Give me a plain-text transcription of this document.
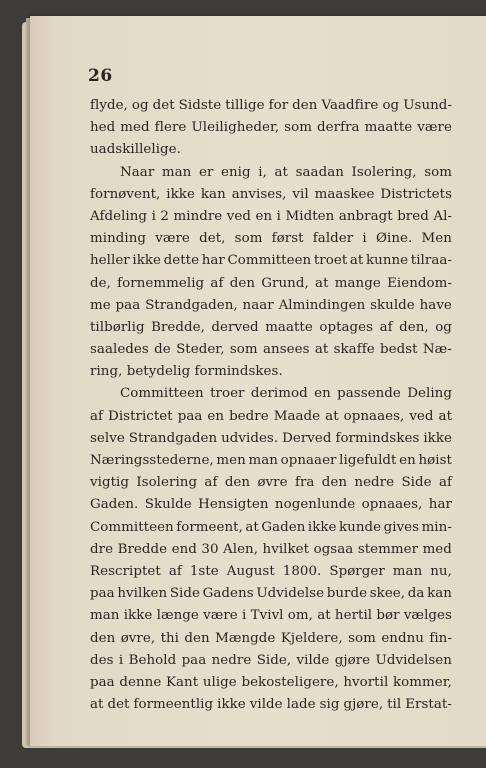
26
flyde, og det Sidste tillige for den Vaadfire og Usund-
hed med flere Uleiligheder, som derfra maatte være
uadskillelige.
Naar man er enig i, at saadan Isolering, som
fornøvent, ikke kan anvises, vil maaskee Districtets
Afdeling i 2 mindre ved en i Midten anbragt bred Al-
minding være det, som først falder i Øine. Men
heller ikke dette har Committeen troet at kunne tilraa-
de, fornemmelig af den Grund, at mange Eiendom-
me paa Strandgaden, naar Almindingen skulde have
tilbørlig Bredde, derved maatte optages af den, og
saaledes de Steder, som ansees at skaffe bedst Næ-
ring, betydelig formindskes.
Committeen troer derimod en passende Deling
af Districtet paa en bedre Maade at opnaaes, ved at
selve Strandgaden udvides. Derved formindskes ikke
Næringsstederne, men man opnaaer ligefuldt en høist
vigtig Isolering af den øvre fra den nedre Side af
Gaden. Skulde Hensigten nogenlunde opnaaes, har
Committeen formeent, at Gaden ikke kunde gives min-
dre Bredde end 30 Alen, hvilket ogsaa stemmer med
Rescriptet af 1ste August 1800. Spørger man nu,
paa hvilken Side Gadens Udvidelse burde skee, da kan
man ikke længe være i Tvivl om, at hertil bør vælges
den øvre, thi den Mængde Kjeldere, som endnu fin-
des i Behold paa nedre Side, vilde gjøre Udvidelsen
paa denne Kant ulige bekosteligere, hvortil kommer,
at det formeentlig ikke vilde lade sig gjøre, til Erstat-
